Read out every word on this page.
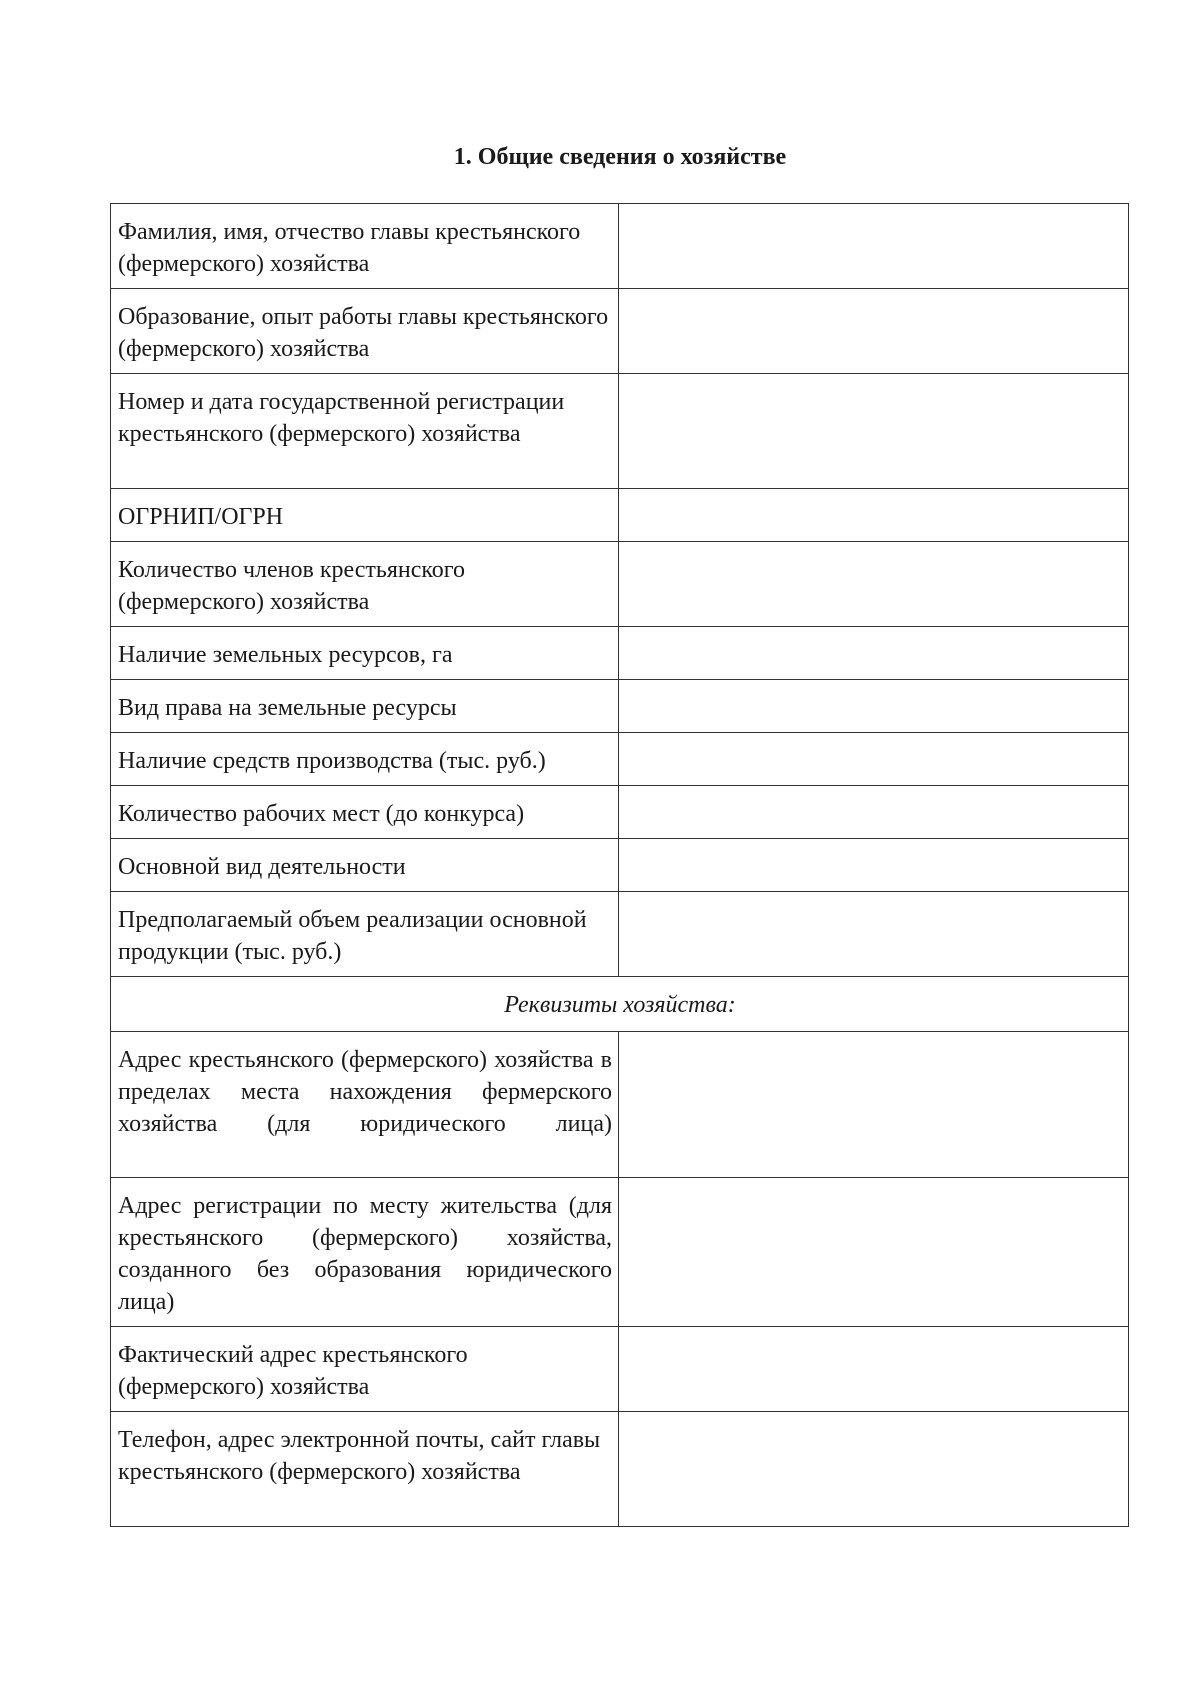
1. Общие сведения о хозяйстве
Фамилия, имя, отчество главы крестьянского (фермерского) хозяйства	
Образование, опыт работы главы крестьянского (фермерского) хозяйства	
Номер и дата государственной регистрации крестьянского (фермерского) хозяйства	
ОГРНИП/ОГРН	
Количество членов крестьянского (фермерского) хозяйства	
Наличие земельных ресурсов, га	
Вид права на земельные ресурсы	
Наличие средств производства (тыс. руб.)	
Количество рабочих мест (до конкурса)	
Основной вид деятельности	
Предполагаемый объем реализации основной продукции (тыс. руб.)	
Реквизиты хозяйства:	
Адрес крестьянского (фермерского) хозяйства в пределах места нахождения фермерского хозяйства (для юридического лица)	
Адрес регистрации по месту жительства (для крестьянского (фермерского) хозяйства, созданного без образования юридического лица)	
Фактический адрес крестьянского (фермерского) хозяйства	
Телефон, адрес электронной почты, сайт главы крестьянского (фермерского) хозяйства	
